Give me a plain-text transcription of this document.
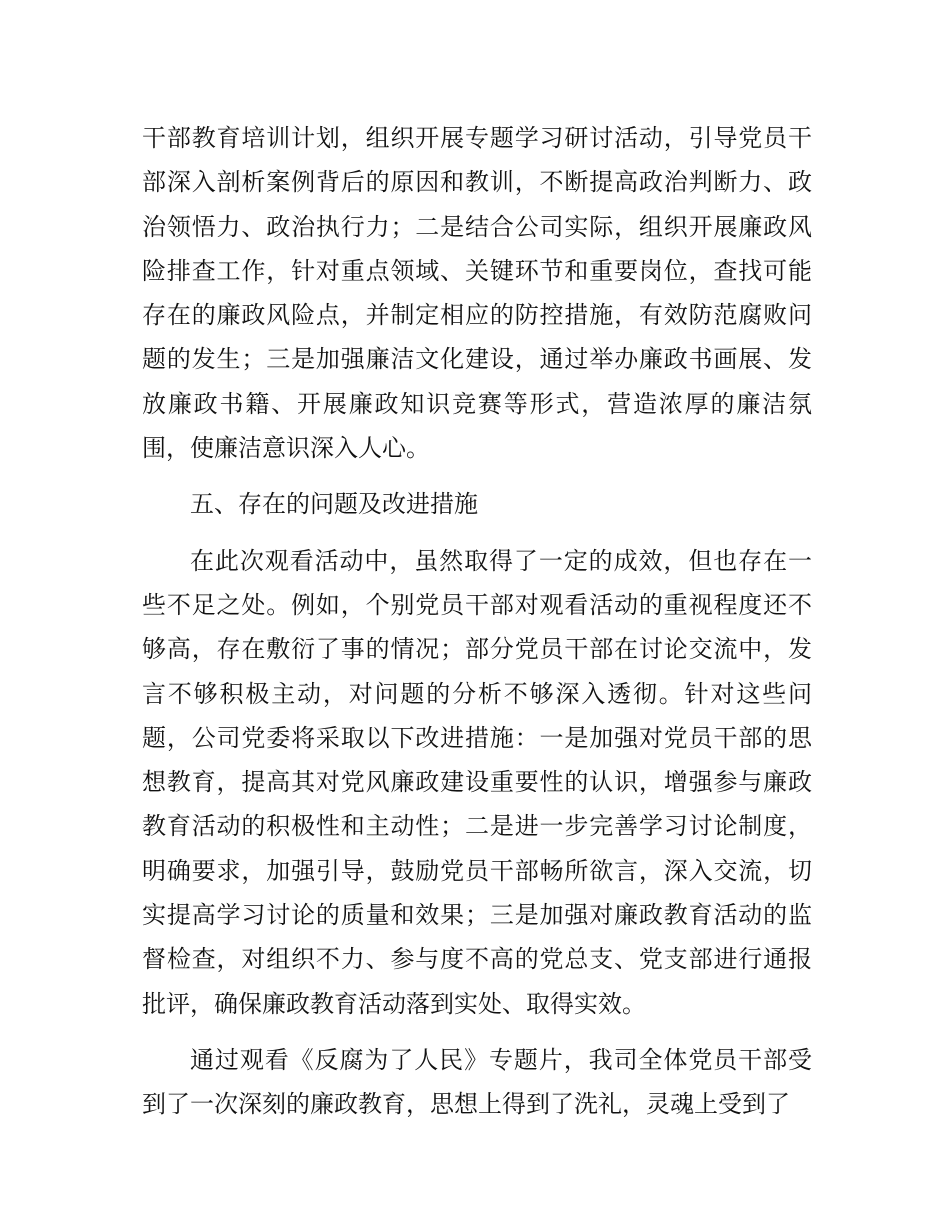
干部教育培训计划，组织开展专题学习研讨活动，引导党员干部深入剖析案例背后的原因和教训，不断提高政治判断力、政治领悟力、政治执行力；二是结合公司实际，组织开展廉政风险排查工作，针对重点领域、关键环节和重要岗位，查找可能存在的廉政风险点，并制定相应的防控措施，有效防范腐败问题的发生；三是加强廉洁文化建设，通过举办廉政书画展、发放廉政书籍、开展廉政知识竞赛等形式，营造浓厚的廉洁氛围，使廉洁意识深入人心。

五、存在的问题及改进措施

在此次观看活动中，虽然取得了一定的成效，但也存在一些不足之处。例如，个别党员干部对观看活动的重视程度还不够高，存在敷衍了事的情况；部分党员干部在讨论交流中，发言不够积极主动，对问题的分析不够深入透彻。针对这些问题，公司党委将采取以下改进措施：一是加强对党员干部的思想教育，提高其对党风廉政建设重要性的认识，增强参与廉政教育活动的积极性和主动性；二是进一步完善学习讨论制度，明确要求，加强引导，鼓励党员干部畅所欲言，深入交流，切实提高学习讨论的质量和效果；三是加强对廉政教育活动的监督检查，对组织不力、参与度不高的党总支、党支部进行通报批评，确保廉政教育活动落到实处、取得实效。

通过观看《反腐为了人民》专题片，我司全体党员干部受到了一次深刻的廉政教育，思想上得到了洗礼，灵魂上受到了
